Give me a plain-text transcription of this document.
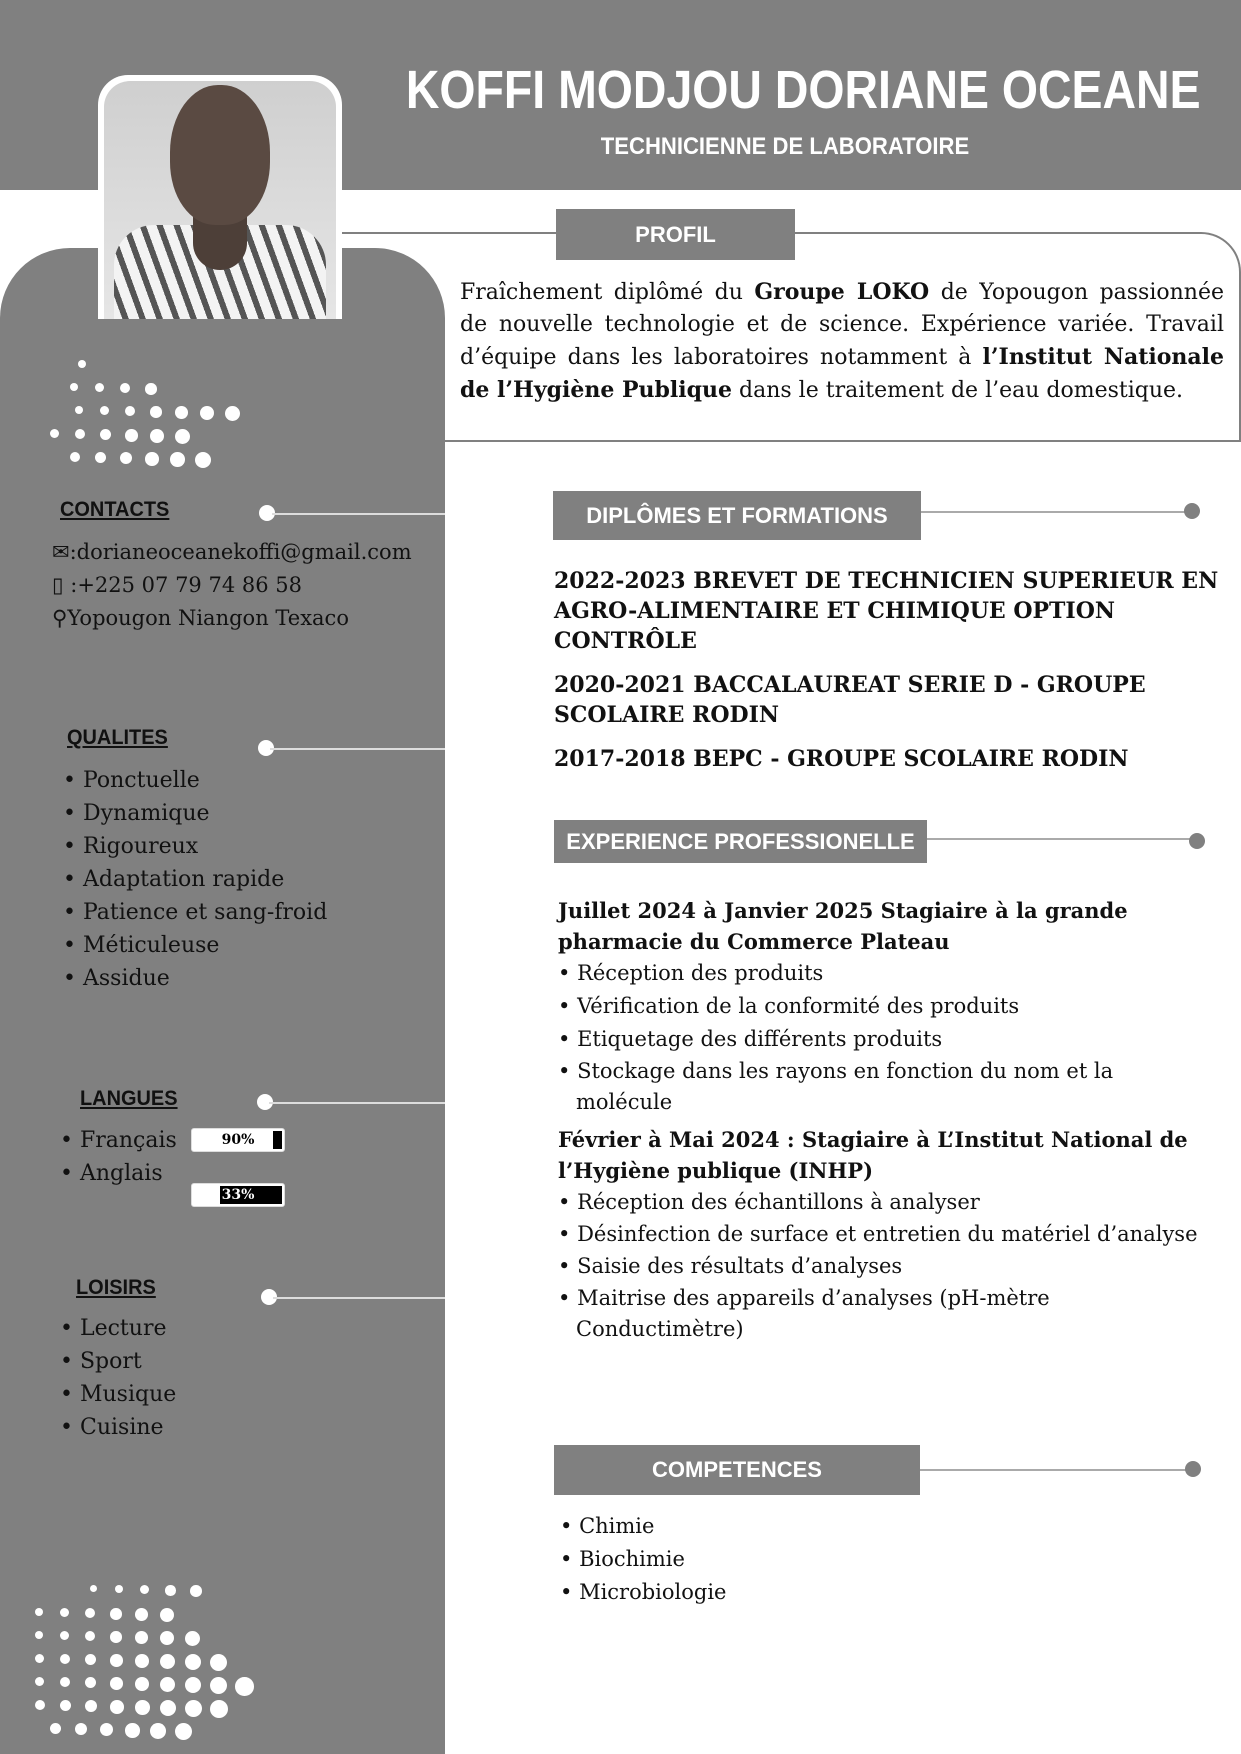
KOFFI MODJOU DORIANE OCEANE
TECHNICIENNE DE LABORATOIRE
PROFIL
Fraîchement diplômé du Groupe LOKO de Yopougon passionnée de nouvelle technologie et de science. Expérience variée. Travail d’équipe dans les laboratoires notamment à l’Institut Nationale de l’Hygiène Publique dans le traitement de l’eau domestique.
CONTACTS
✉:dorianeoceanekoffi@gmail.com
▯ :+225 07 79 74 86 58
⚲Yopougon Niangon Texaco
QUALITES
• Ponctuelle
• Dynamique
• Rigoureux
• Adaptation rapide
• Patience et sang-froid
• Méticuleuse
• Assidue
LANGUES
• Français
• Anglais
90%
33%
LOISIRS
• Lecture
• Sport
• Musique
• Cuisine
DIPLÔMES ET FORMATIONS
2022-2023 BREVET DE TECHNICIEN SUPERIEUR EN AGRO-ALIMENTAIRE ET CHIMIQUE OPTION CONTRÔLE
2020-2021 BACCALAUREAT SERIE D - GROUPE SCOLAIRE RODIN
2017-2018 BEPC - GROUPE SCOLAIRE RODIN
EXPERIENCE PROFESSIONELLE
Juillet 2024 à Janvier 2025 Stagiaire à la grande pharmacie du Commerce Plateau
• Réception des produits
• Vérification de la conformité des produits
• Etiquetage des différents produits
• Stockage dans les rayons en fonction du nom et la molécule
Février à Mai 2024 : Stagiaire à L’Institut National de l’Hygiène publique (INHP)
• Réception des échantillons à analyser
• Désinfection de surface et entretien du matériel d’analyse
• Saisie des résultats d’analyses
• Maitrise des appareils d’analyses (pH-mètre Conductimètre)
COMPETENCES
• Chimie
• Biochimie
• Microbiologie
